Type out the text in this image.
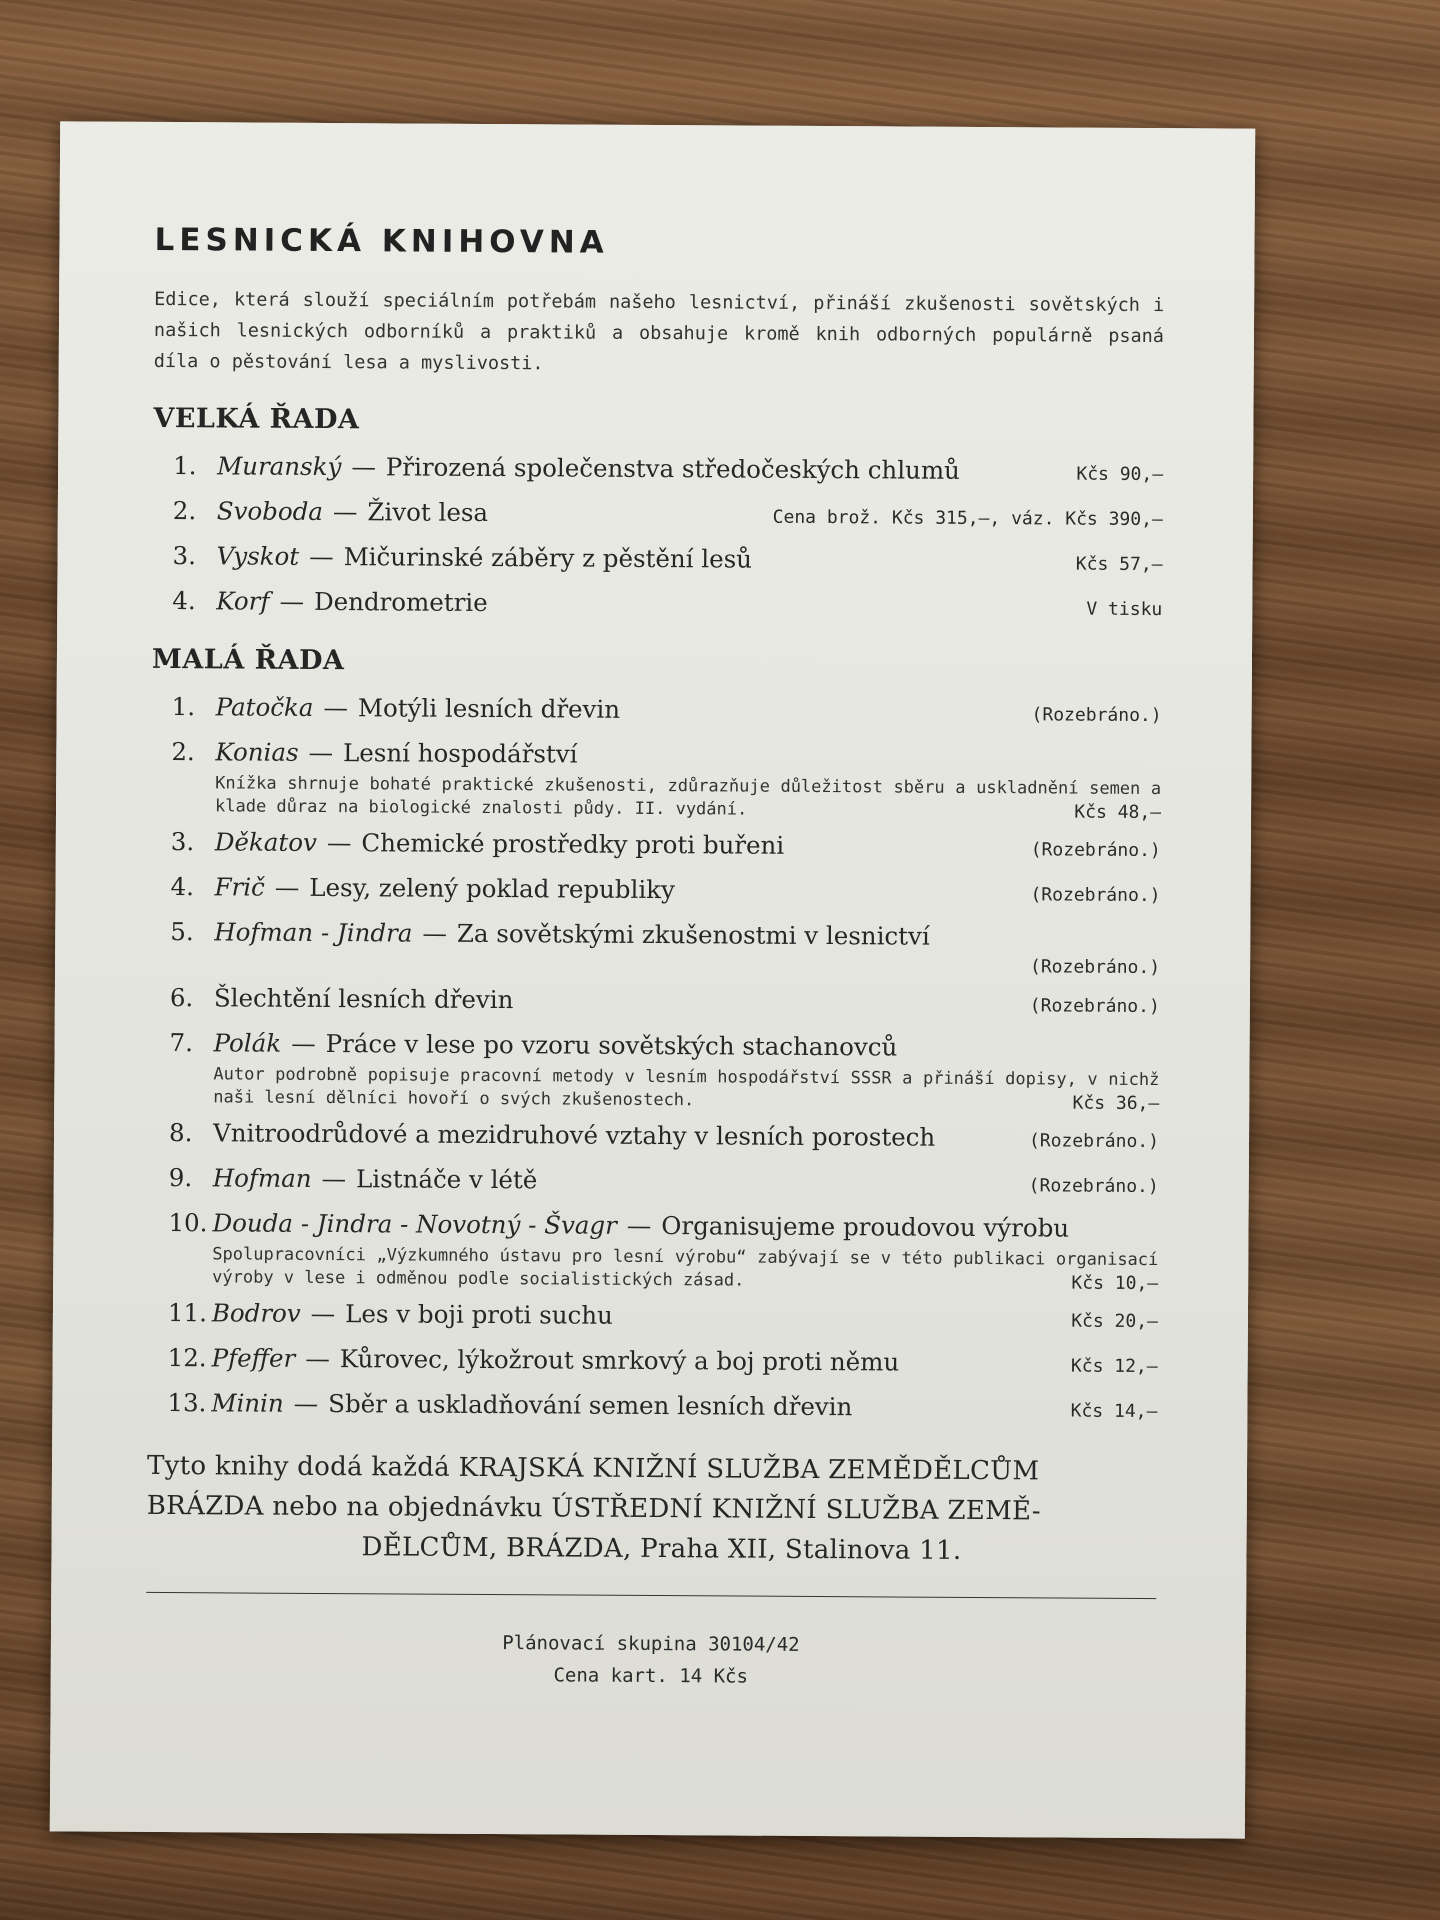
LESNICKÁ KNIHOVNA

Edice, která slouží speciálním potřebám našeho lesnictví, přináší zkušenosti sovětských i našich lesnických odborníků a praktiků a obsahuje kromě knih odborných populárně psaná díla o pěstování lesa a myslivosti.

VELKÁ ŘADA
1. Muranský — Přirozená společenstva středočeských chlumů	Kčs 90,—
2. Svoboda — Život lesa	Cena brož. Kčs 315,—, váz. Kčs 390,—
3. Vyskot — Mičurinské záběry z pěstění lesů	Kčs 57,—
4. Korf — Dendrometrie	V tisku
MALÁ ŘADA
1. Patočka — Motýli lesních dřevin	(Rozebráno.)
2. Konias — Lesní hospodářství
Knížka shrnuje bohaté praktické zkušenosti, zdůrazňuje důležitost sběru a uskladnění semen a klade důraz na biologické znalosti půdy. II. vydání.	Kčs 48,—
3. Děkatov — Chemické prostředky proti buřeni	(Rozebráno.)
4. Frič — Lesy, zelený poklad republiky	(Rozebráno.)
5. Hofman - Jindra — Za sovětskými zkušenostmi v lesnictví
(Rozebráno.)
6. Šlechtění lesních dřevin	(Rozebráno.)
7. Polák — Práce v lese po vzoru sovětských stachanovců
Autor podrobně popisuje pracovní metody v lesním hospodářství SSSR a přináší dopisy, v nichž naši lesní dělníci hovoří o svých zkušenostech.	Kčs 36,—
8. Vnitroodrůdové a mezidruhové vztahy v lesních porostech	(Rozebráno.)
9. Hofman — Listnáče v létě	(Rozebráno.)
10. Douda - Jindra - Novotný - Švagr — Organisujeme proudovou výrobu
Spolupracovníci „Výzkumného ústavu pro lesní výrobu“ zabývají se v této publikaci organisací výroby v lese i odměnou podle socialistických zásad.	Kčs 10,—
11. Bodrov — Les v boji proti suchu	Kčs 20,—
12. Pfeffer — Kůrovec, lýkožrout smrkový a boj proti němu	Kčs 12,—
13. Minin — Sběr a uskladňování semen lesních dřevin	Kčs 14,—
Tyto knihy dodá každá KRAJSKÁ KNIŽNÍ SLUŽBA ZEMĚDĚLCŮM
BRÁZDA nebo na objednávku ÚSTŘEDNÍ KNIŽNÍ SLUŽBA ZEMĚ-
DĚLCŮM, BRÁZDA, Praha XII, Stalinova 11.
Plánovací skupina 30104/42
Cena kart. 14 Kčs
